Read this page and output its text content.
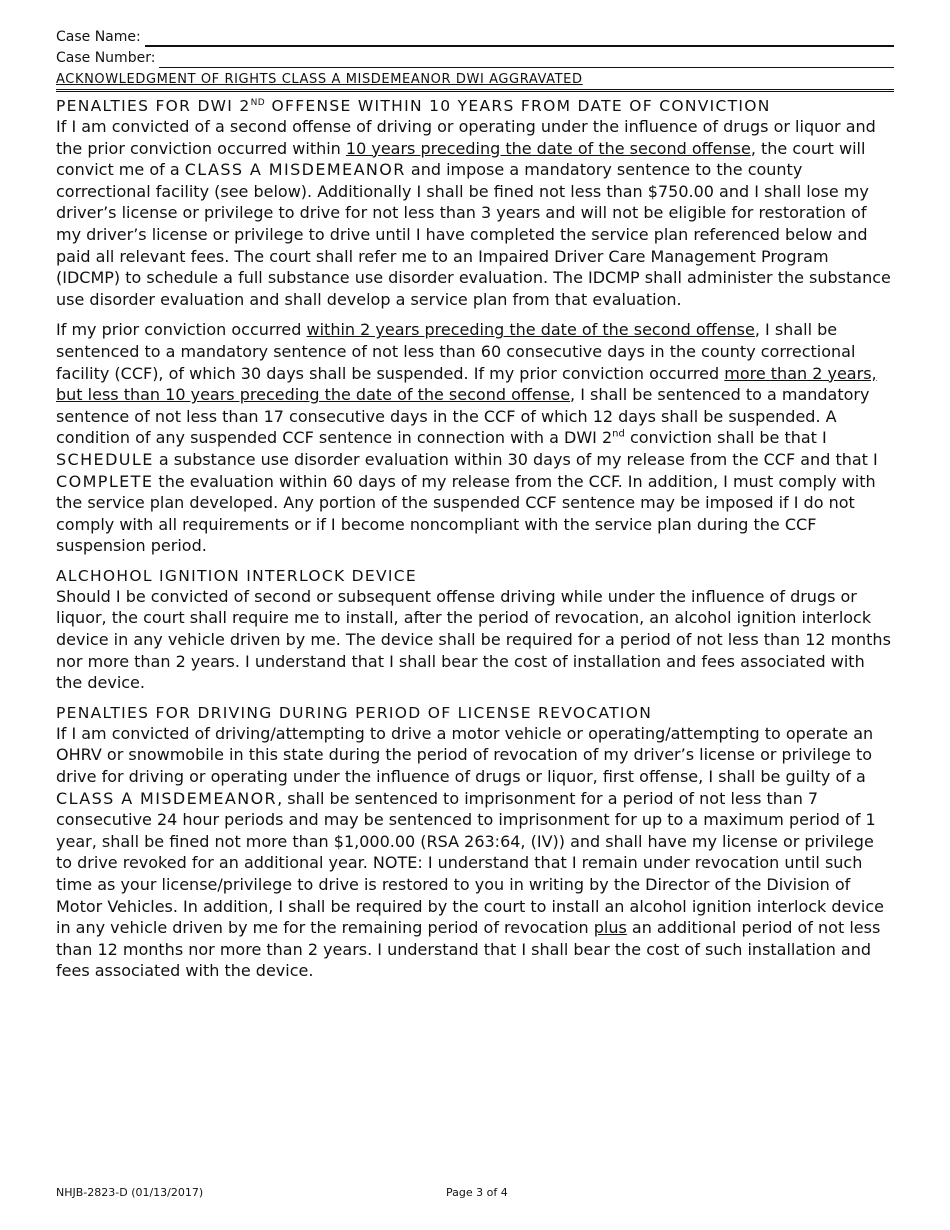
Case Name:
Case Number:
ACKNOWLEDGMENT OF RIGHTS CLASS A MISDEMEANOR DWI AGGRAVATED
PENALTIES FOR DWI 2ND OFFENSE WITHIN 10 YEARS FROM DATE OF CONVICTION

If I am convicted of a second offense of driving or operating under the influence of drugs or liquor and the prior conviction occurred within 10 years preceding the date of the second offense, the court will convict me of a CLASS A MISDEMEANOR and impose a mandatory sentence to the county correctional facility (see below). Additionally I shall be fined not less than $750.00 and I shall lose my driver’s license or privilege to drive for not less than 3 years and will not be eligible for restoration of my driver’s license or privilege to drive until I have completed the service plan referenced below and paid all relevant fees. The court shall refer me to an Impaired Driver Care Management Program (IDCMP) to schedule a full substance use disorder evaluation. The IDCMP shall administer the substance use disorder evaluation and shall develop a service plan from that evaluation.

If my prior conviction occurred within 2 years preceding the date of the second offense, I shall be sentenced to a mandatory sentence of not less than 60 consecutive days in the county correctional facility (CCF), of which 30 days shall be suspended. If my prior conviction occurred more than 2 years, but less than 10 years preceding the date of the second offense, I shall be sentenced to a mandatory sentence of not less than 17 consecutive days in the CCF of which 12 days shall be suspended. A condition of any suspended CCF sentence in connection with a DWI 2nd conviction shall be that I SCHEDULE a substance use disorder evaluation within 30 days of my release from the CCF and that I COMPLETE the evaluation within 60 days of my release from the CCF. In addition, I must comply with the service plan developed. Any portion of the suspended CCF sentence may be imposed if I do not comply with all requirements or if I become noncompliant with the service plan during the CCF suspension period.

ALCHOHOL IGNITION INTERLOCK DEVICE

Should I be convicted of second or subsequent offense driving while under the influence of drugs or liquor, the court shall require me to install, after the period of revocation, an alcohol ignition interlock device in any vehicle driven by me. The device shall be required for a period of not less than 12 months nor more than 2 years. I understand that I shall bear the cost of installation and fees associated with the device.

PENALTIES FOR DRIVING DURING PERIOD OF LICENSE REVOCATION

If I am convicted of driving/attempting to drive a motor vehicle or operating/attempting to operate an OHRV or snowmobile in this state during the period of revocation of my driver’s license or privilege to drive for driving or operating under the influence of drugs or liquor, first offense, I shall be guilty of a CLASS A MISDEMEANOR, shall be sentenced to imprisonment for a period of not less than 7 consecutive 24 hour periods and may be sentenced to imprisonment for up to a maximum period of 1 year, shall be fined not more than $1,000.00 (RSA 263:64, (IV)) and shall have my license or privilege to drive revoked for an additional year. NOTE: I understand that I remain under revocation until such time as your license/privilege to drive is restored to you in writing by the Director of the Division of Motor Vehicles. In addition, I shall be required by the court to install an alcohol ignition interlock device in any vehicle driven by me for the remaining period of revocation plus an additional period of not less than 12 months nor more than 2 years. I understand that I shall bear the cost of such installation and fees associated with the device.

NHJB-2823-D (01/13/2017)	Page 3 of 4
